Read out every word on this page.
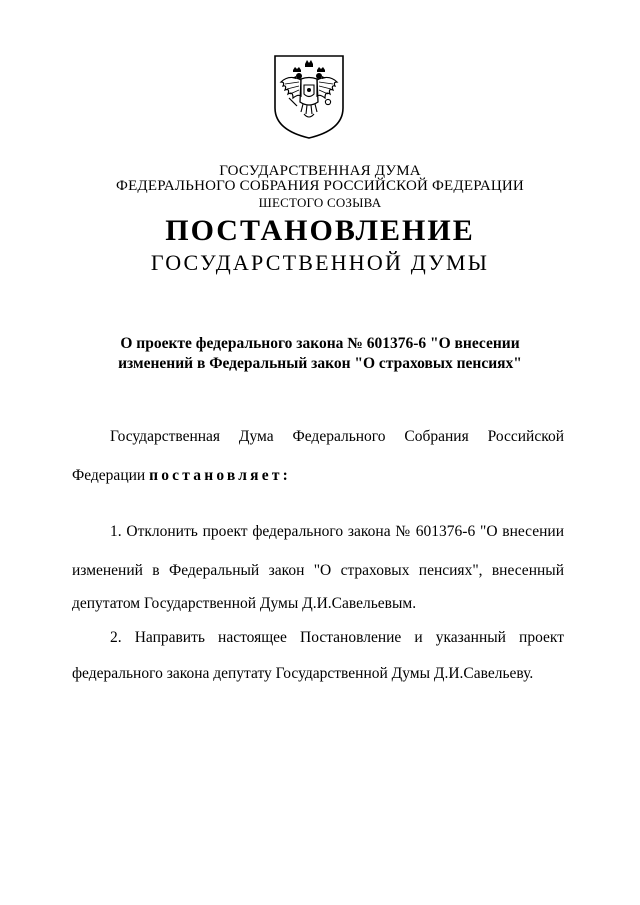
ГОСУДАРСТВЕННАЯ ДУМА
ФЕДЕРАЛЬНОГО СОБРАНИЯ РОССИЙСКОЙ ФЕДЕРАЦИИ
ШЕСТОГО СОЗЫВА
ПОСТАНОВЛЕНИЕ
ГОСУДАРСТВЕННОЙ ДУМЫ
О проекте федерального закона № 601376-6 "О внесении
изменений в Федеральный закон "О страховых пенсиях"
Государственная Дума Федерального Собрания Российской
Федерации постановляет:
1. Отклонить проект федерального закона № 601376-6 "О внесении
изменений в Федеральный закон "О страховых пенсиях", внесенный
депутатом Государственной Думы Д.И.Савельевым.
2. Направить настоящее Постановление и указанный проект
федерального закона депутату Государственной Думы Д.И.Савельеву.
